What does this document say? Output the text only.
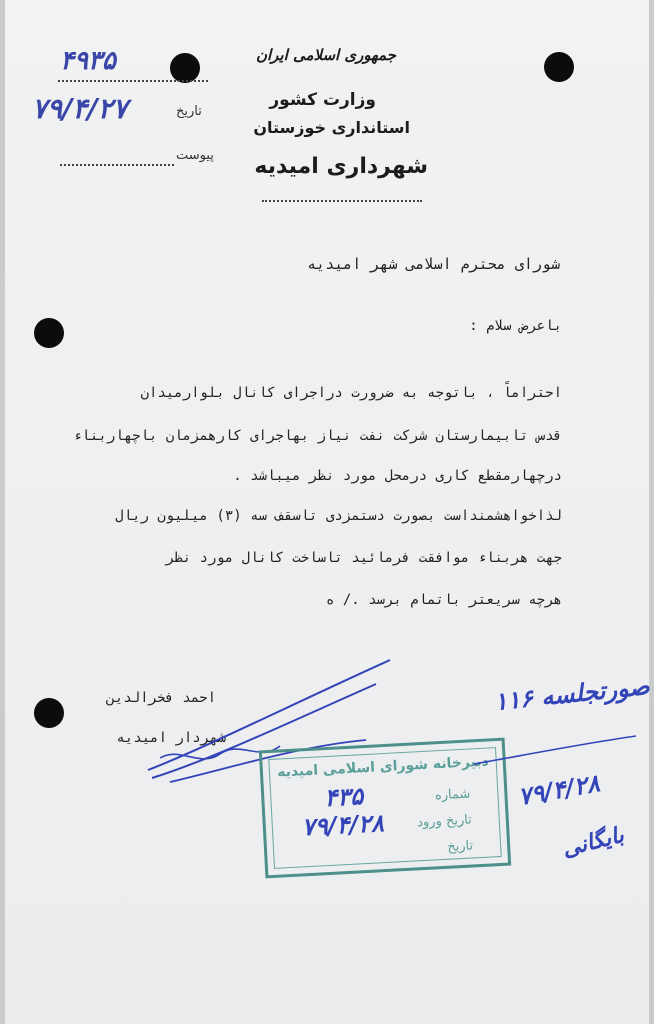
جمهوری اسلامی ایران
وزارت کشور
استانداری خوزستان
شهرداری امیدیه
۴۹۳۵
تاریخ
۷۹/۴/۲۷
پیوست
شورای محترم اسلامی شهر امیدیه
باعرض سلام :
احتراماً ، باتوجه به ضرورت دراجرای کانال بلوارمیدان
قدس تابیمارستان شرکت نفت نیاز بهاجرای کارهمزمان باچهاربناء
درچهارمقطع کاری درمحل مورد نظر میباشد .
لذاخواهشمنداست بصورت دستمزدی تاسقف سه (۳) میلیون ریال
جهت هربناء موافقت فرمائید تاساخت کانال مورد نظر
هرچه سریعتر باتمام برسد ./ ه
احمد فخرالدین
شهردار امیدیه
دبیرخانه شورای اسلامی امیدیه
شماره
۴۳۵
تاریخ ورود
۷۹/۴/۲۸
تاریخ
صورتجلسه ۱۱۶
۷۹/۴/۲۸
بایگانی
